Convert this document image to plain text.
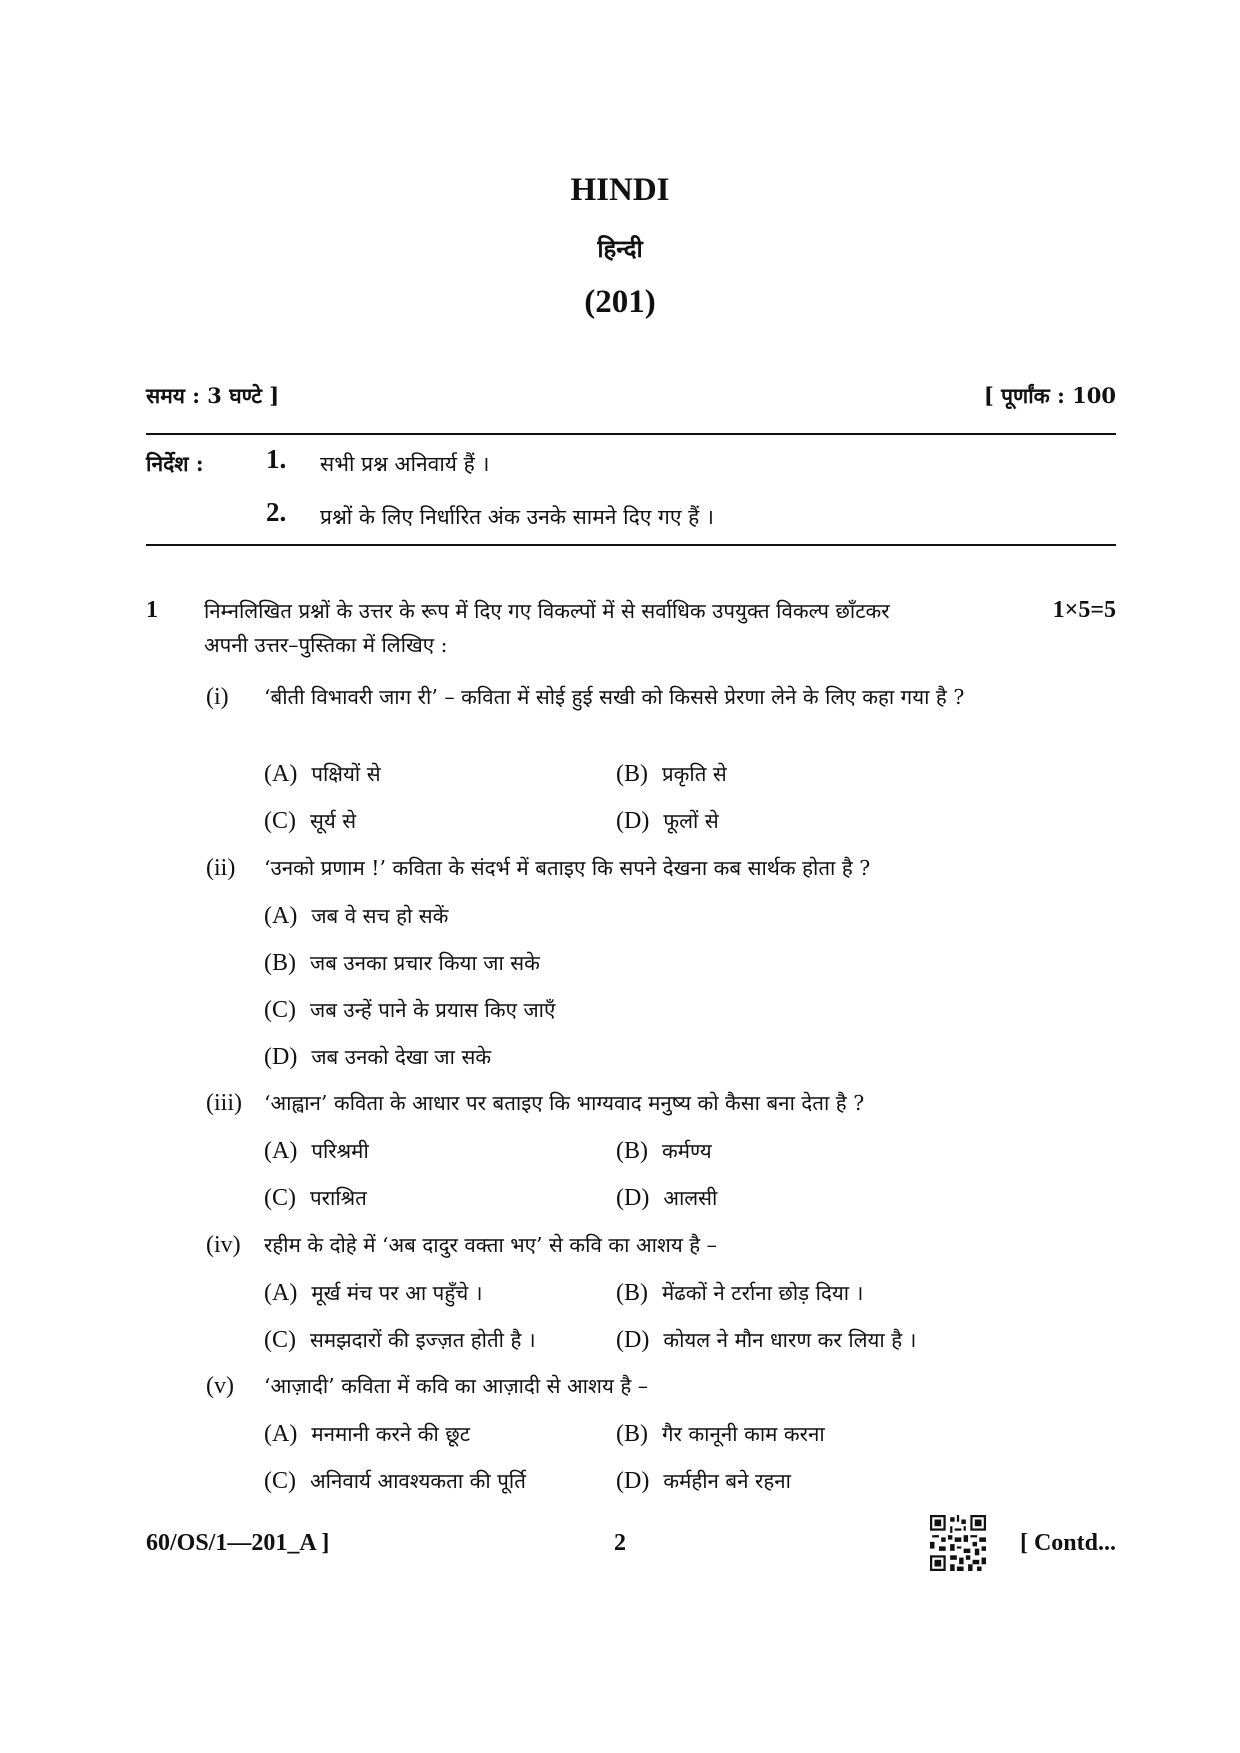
HINDI
हिन्दी
(201)
समय : 3 घण्टे ]	[ पूर्णांक : 100
निर्देश : 1. सभी प्रश्न अनिवार्य हैं ।
2. प्रश्नों के लिए निर्धारित अंक उनके सामने दिए गए हैं ।
1 निम्नलिखित प्रश्नों के उत्तर के रूप में दिए गए विकल्पों में से सर्वाधिक उपयुक्त विकल्प छाँटकर अपनी उत्तर–पुस्तिका में लिखिए :
1×5=5
(i) ‘बीती विभावरी जाग री’ – कविता में सोई हुई सखी को किससे प्रेरणा लेने के लिए कहा गया है ?
(A) पक्षियों से	(B) प्रकृति से
(C) सूर्य से	(D) फूलों से
(ii) ‘उनको प्रणाम !’ कविता के संदर्भ में बताइए कि सपने देखना कब सार्थक होता है ?
(A) जब वे सच हो सकें
(B) जब उनका प्रचार किया जा सके
(C) जब उन्हें पाने के प्रयास किए जाएँ
(D) जब उनको देखा जा सके
(iii) ‘आह्वान’ कविता के आधार पर बताइए कि भाग्यवाद मनुष्य को कैसा बना देता है ?
(A) परिश्रमी	(B) कर्मण्य
(C) पराश्रित	(D) आलसी
(iv) रहीम के दोहे में ‘अब दादुर वक्ता भए’ से कवि का आशय है –
(A) मूर्ख मंच पर आ पहुँचे ।	(B) मेंढकों ने टर्राना छोड़ दिया ।
(C) समझदारों की इज्ज़त होती है ।	(D) कोयल ने मौन धारण कर लिया है ।
(v) ‘आज़ादी’ कविता में कवि का आज़ादी से आशय है –
(A) मनमानी करने की छूट	(B) गैर कानूनी काम करना
(C) अनिवार्य आवश्यकता की पूर्ति	(D) कर्महीन बने रहना
60/OS/1—201_A ]	2	[ Contd...
